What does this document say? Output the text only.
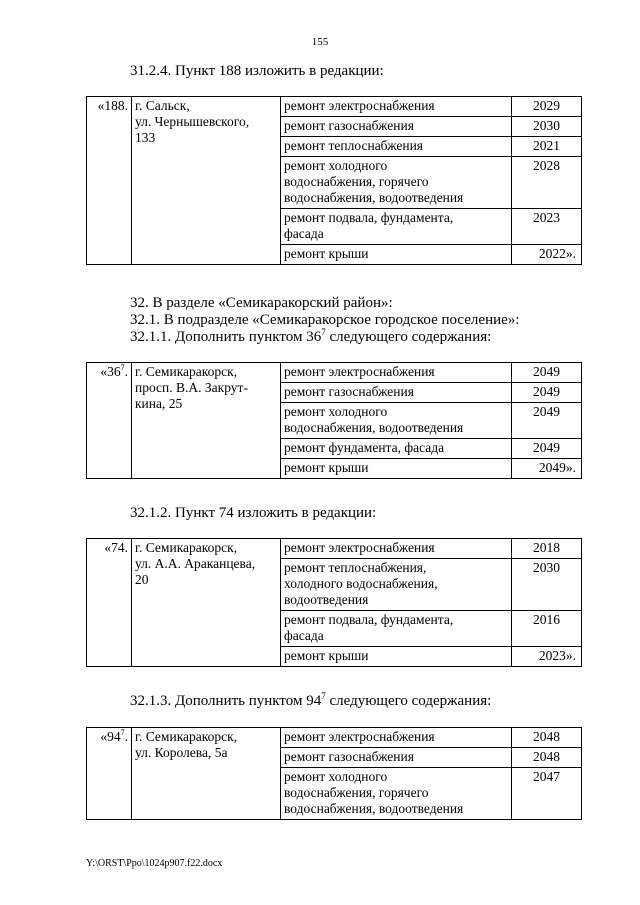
155
31.2.4. Пункт 188 изложить в редакции:
«188.	г. Сальск,
ул. Чернышевского,
133	ремонт электроснабжения	2029
		ремонт газоснабжения	2030
		ремонт теплоснабжения	2021
		ремонт холодного
водоснабжения, горячего
водоснабжения, водоотведения	2028
		ремонт подвала, фундамента,
фасада	2023
		ремонт крыши	2022».
32. В разделе «Семикаракорский район»:
32.1. В подразделе «Семикаракорское городское поселение»:
32.1.1. Дополнить пунктом $36^7$ следующего содержания:
«$36^7$.	г. Семикаракорск,
просп. В.А. Закрут-
кина, 25	ремонт электроснабжения	2049
		ремонт газоснабжения	2049
		ремонт холодного
водоснабжения, водоотведения	2049
		ремонт фундамента, фасада	2049
		ремонт крыши	2049».
32.1.2. Пункт 74 изложить в редакции:
«74.	г. Семикаракорск,
ул. А.А. Араканцева,
20	ремонт электроснабжения	2018
		ремонт теплоснабжения,
холодного водоснабжения,
водоотведения	2030
		ремонт подвала, фундамента,
фасада	2016
		ремонт крыши	2023».
32.1.3. Дополнить пунктом $94^7$ следующего содержания:
«$94^7$.	г. Семикаракорск,
ул. Королева, 5а	ремонт электроснабжения	2048
		ремонт газоснабжения	2048
		ремонт холодного
водоснабжения, горячего
водоснабжения, водоотведения	2047
Y:\ORST\Ppo\1024p907.f22.docx
